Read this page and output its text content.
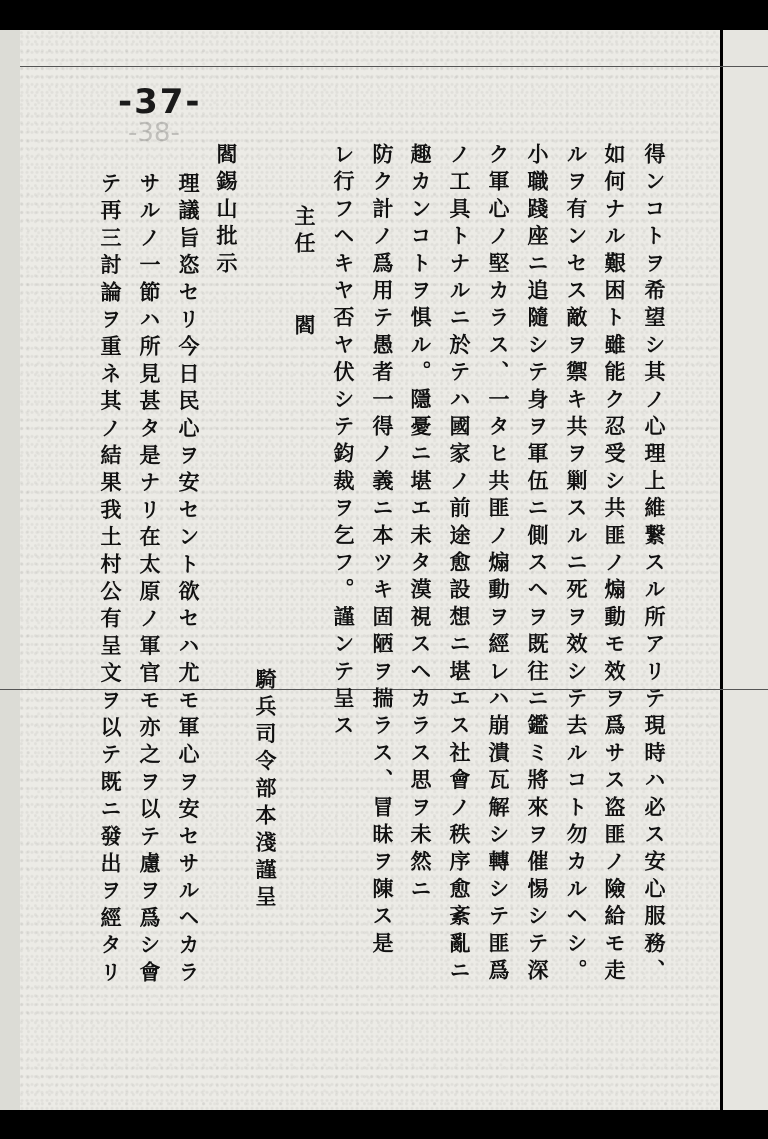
-37-
-38-
得ンコトヲ希望シ其ノ心理上維繋スル所アリテ現時ハ必ス安心服務、
如何ナル艱困ト雖能ク忍受シ共匪ノ煽動モ效ヲ爲サス盗匪ノ險給モ走
ルヲ有ンセス敵ヲ禦キ共ヲ剿スルニ死ヲ效シテ去ルコト勿カルヘシ。
小職踐座ニ追隨シテ身ヲ軍伍ニ側スヘヲ既往ニ鑑ミ將來ヲ催惕シテ深
ク軍心ノ堅カラス、一タヒ共匪ノ煽動ヲ經レハ崩潰瓦解シ轉シテ匪爲
ノ工具トナルニ於テハ國家ノ前途愈設想ニ堪エス社會ノ秩序愈紊亂ニ
趣カンコトヲ惧ル。隱憂ニ堪エ未タ漠視スヘカラス思ヲ未然ニ
防ク計ノ爲用テ愚者一得ノ義ニ本ツキ固陋ヲ揣ラス、冒昧ヲ陳ス是
レ行フヘキヤ否ヤ伏シテ鈞裁ヲ乞フ。謹ンテ呈ス
主任　　閻
騎兵司令部本淺謹呈
閻錫山批示
理議旨恣セリ今日民心ヲ安セント欲セハ尤モ軍心ヲ安セサルヘカラ
サルノ一節ハ所見甚タ是ナリ在太原ノ軍官モ亦之ヲ以テ慮ヲ爲シ會
テ再三討論ヲ重ネ其ノ結果我土村公有呈文ヲ以テ既ニ發出ヲ經タリ
